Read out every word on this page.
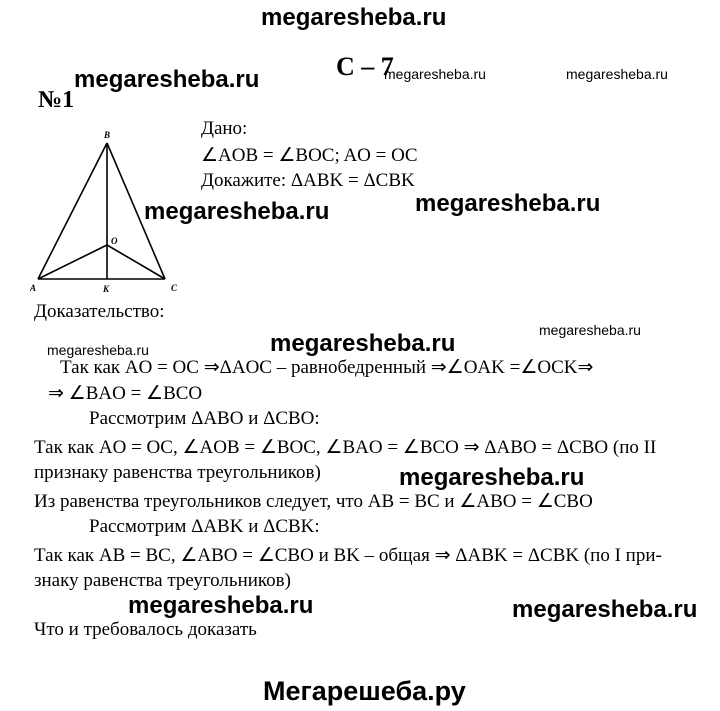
megaresheba.ru
С – 7
megaresheba.ru	megaresheba.ru
megaresheba.ru
№1
B
O
A	K	C
Дано:
∠AOB = ∠BOC; AO = OC
Докажите: ΔABK = ΔCBK
megaresheba.ru	megaresheba.ru
Доказательство:
megaresheba.ru	megaresheba.ru
megaresheba.ru
Так как AO = OC ⇒ΔAOC – равнобедренный ⇒∠OAK =∠OCK⇒
⇒ ∠BAO = ∠BCO
Рассмотрим ΔABO и ΔCBO:
Так как AO = OC, ∠AOB = ∠BOC, ∠BAO = ∠BCO ⇒ ΔABO = ΔCBO (по II
признаку равенства треугольников)	megaresheba.ru
Из равенства треугольников следует, что AB = BC и ∠ABO = ∠CBO
Рассмотрим ΔABK и ΔCBK:
Так как AB = BC, ∠ABO = ∠CBO и BK – общая ⇒ ΔABK = ΔCBK (по I при-
знаку равенства треугольников)
megaresheba.ru	megaresheba.ru
Что и требовалось доказать
Мегарешеба.ру
